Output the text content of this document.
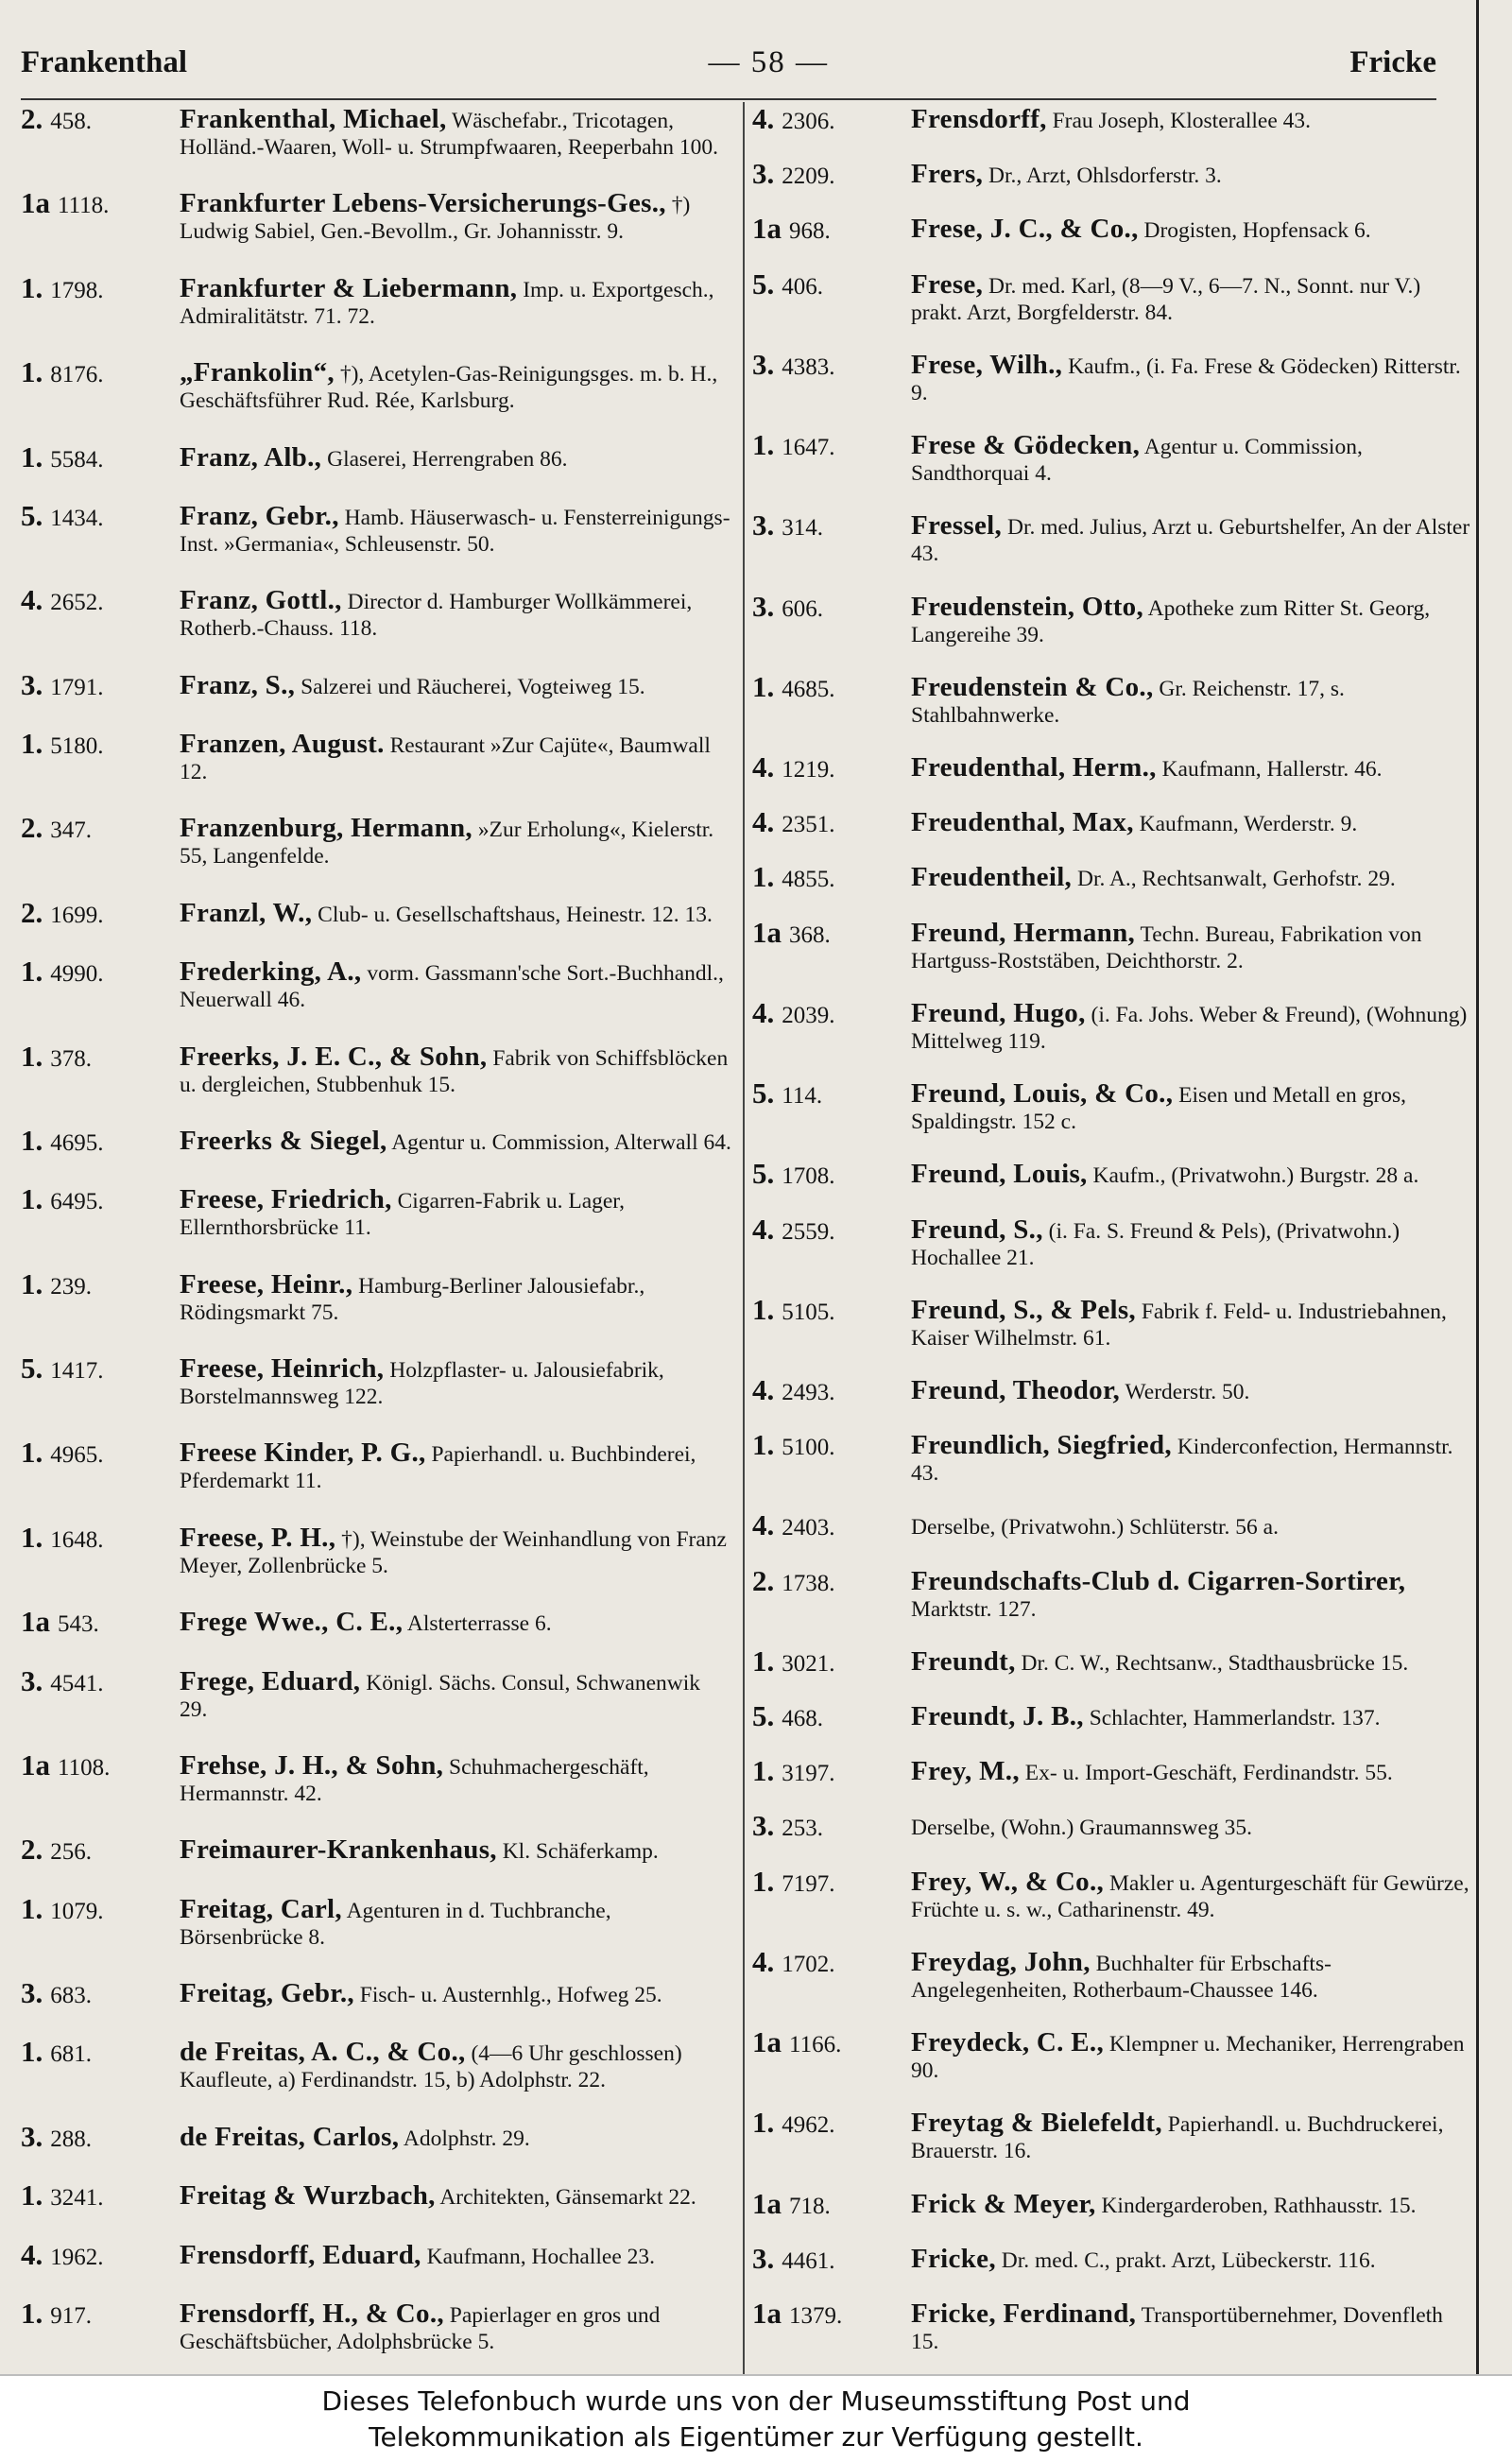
Frankenthal	— 58 —	Fricke
2. 458.	Frankenthal, Michael, Wäschefabr., Tricotagen, Holländ.-Waaren, Woll- u. Strumpfwaaren, Reeperbahn 100.
1a 1118.	Frankfurter Lebens-Versicherungs-Ges., †) Ludwig Sabiel, Gen.-Bevollm., Gr. Johannisstr. 9.
1. 1798.	Frankfurter & Liebermann, Imp. u. Exportgesch., Admiralitätstr. 71. 72.
1. 8176.	„Frankolin“, †), Acetylen-Gas-Reinigungsges. m. b. H., Geschäftsführer Rud. Rée, Karlsburg.
1. 5584.	Franz, Alb., Glaserei, Herrengraben 86.
5. 1434.	Franz, Gebr., Hamb. Häuserwasch- u. Fensterreinigungs-Inst. »Germania«, Schleusenstr. 50.
4. 2652.	Franz, Gottl., Director d. Hamburger Wollkämmerei, Rotherb.-Chauss. 118.
3. 1791.	Franz, S., Salzerei und Räucherei, Vogteiweg 15.
1. 5180.	Franzen, August. Restaurant »Zur Cajüte«, Baumwall 12.
2. 347.	Franzenburg, Hermann, »Zur Erholung«, Kielerstr. 55, Langenfelde.
2. 1699.	Franzl, W., Club- u. Gesellschaftshaus, Heinestr. 12. 13.
1. 4990.	Frederking, A., vorm. Gassmann'sche Sort.-Buchhandl., Neuerwall 46.
1. 378.	Freerks, J. E. C., & Sohn, Fabrik von Schiffsblöcken u. dergleichen, Stubbenhuk 15.
1. 4695.	Freerks & Siegel, Agentur u. Commission, Alterwall 64.
1. 6495.	Freese, Friedrich, Cigarren-Fabrik u. Lager, Ellernthorsbrücke 11.
1. 239.	Freese, Heinr., Hamburg-Berliner Jalousiefabr., Rödingsmarkt 75.
5. 1417.	Freese, Heinrich, Holzpflaster- u. Jalousiefabrik, Borstelmannsweg 122.
1. 4965.	Freese Kinder, P. G., Papierhandl. u. Buchbinderei, Pferdemarkt 11.
1. 1648.	Freese, P. H., †), Weinstube der Weinhandlung von Franz Meyer, Zollenbrücke 5.
1a 543.	Frege Wwe., C. E., Alsterterrasse 6.
3. 4541.	Frege, Eduard, Königl. Sächs. Consul, Schwanenwik 29.
1a 1108.	Frehse, J. H., & Sohn, Schuhmachergeschäft, Hermannstr. 42.
2. 256.	Freimaurer-Krankenhaus, Kl. Schäferkamp.
1. 1079.	Freitag, Carl, Agenturen in d. Tuchbranche, Börsenbrücke 8.
3. 683.	Freitag, Gebr., Fisch- u. Austernhlg., Hofweg 25.
1. 681.	de Freitas, A. C., & Co., (4—6 Uhr geschlossen) Kaufleute, a) Ferdinandstr. 15, b) Adolphstr. 22.
3. 288.	de Freitas, Carlos, Adolphstr. 29.
1. 3241.	Freitag & Wurzbach, Architekten, Gänsemarkt 22.
4. 1962.	Frensdorff, Eduard, Kaufmann, Hochallee 23.
1. 917.	Frensdorff, H., & Co., Papierlager en gros und Geschäftsbücher, Adolphsbrücke 5.
4. 2306.	Frensdorff, Frau Joseph, Klosterallee 43.
3. 2209.	Frers, Dr., Arzt, Ohlsdorferstr. 3.
1a 968.	Frese, J. C., & Co., Drogisten, Hopfensack 6.
5. 406.	Frese, Dr. med. Karl, (8—9 V., 6—7. N., Sonnt. nur V.) prakt. Arzt, Borgfelderstr. 84.
3. 4383.	Frese, Wilh., Kaufm., (i. Fa. Frese & Gödecken) Ritterstr. 9.
1. 1647.	Frese & Gödecken, Agentur u. Commission, Sandthorquai 4.
3. 314.	Fressel, Dr. med. Julius, Arzt u. Geburtshelfer, An der Alster 43.
3. 606.	Freudenstein, Otto, Apotheke zum Ritter St. Georg, Langereihe 39.
1. 4685.	Freudenstein & Co., Gr. Reichenstr. 17, s. Stahlbahnwerke.
4. 1219.	Freudenthal, Herm., Kaufmann, Hallerstr. 46.
4. 2351.	Freudenthal, Max, Kaufmann, Werderstr. 9.
1. 4855.	Freudentheil, Dr. A., Rechtsanwalt, Gerhofstr. 29.
1a 368.	Freund, Hermann, Techn. Bureau, Fabrikation von Hartguss-Roststäben, Deichthorstr. 2.
4. 2039.	Freund, Hugo, (i. Fa. Johs. Weber & Freund), (Wohnung) Mittelweg 119.
5. 114.	Freund, Louis, & Co., Eisen und Metall en gros, Spaldingstr. 152 c.
5. 1708.	Freund, Louis, Kaufm., (Privatwohn.) Burgstr. 28 a.
4. 2559.	Freund, S., (i. Fa. S. Freund & Pels), (Privatwohn.) Hochallee 21.
1. 5105.	Freund, S., & Pels, Fabrik f. Feld- u. Industriebahnen, Kaiser Wilhelmstr. 61.
4. 2493.	Freund, Theodor, Werderstr. 50.
1. 5100.	Freundlich, Siegfried, Kinderconfection, Hermannstr. 43.
4. 2403.	Derselbe, (Privatwohn.) Schlüterstr. 56 a.
2. 1738.	Freundschafts-Club d. Cigarren-Sortirer, Marktstr. 127.
1. 3021.	Freundt, Dr. C. W., Rechtsanw., Stadthausbrücke 15.
5. 468.	Freundt, J. B., Schlachter, Hammerlandstr. 137.
1. 3197.	Frey, M., Ex- u. Import-Geschäft, Ferdinandstr. 55.
3. 253.	Derselbe, (Wohn.) Graumannsweg 35.
1. 7197.	Frey, W., & Co., Makler u. Agenturgeschäft für Gewürze, Früchte u. s. w., Catharinenstr. 49.
4. 1702.	Freydag, John, Buchhalter für Erbschafts-Angelegenheiten, Rotherbaum-Chaussee 146.
1a 1166.	Freydeck, C. E., Klempner u. Mechaniker, Herrengraben 90.
1. 4962.	Freytag & Bielefeldt, Papierhandl. u. Buchdruckerei, Brauerstr. 16.
1a 718.	Frick & Meyer, Kindergarderoben, Rathhausstr. 15.
3. 4461.	Fricke, Dr. med. C., prakt. Arzt, Lübeckerstr. 116.
1a 1379.	Fricke, Ferdinand, Transportübernehmer, Dovenfleth 15.
Dieses Telefonbuch wurde uns von der Museumsstiftung Post und
Telekommunikation als Eigentümer zur Verfügung gestellt.
